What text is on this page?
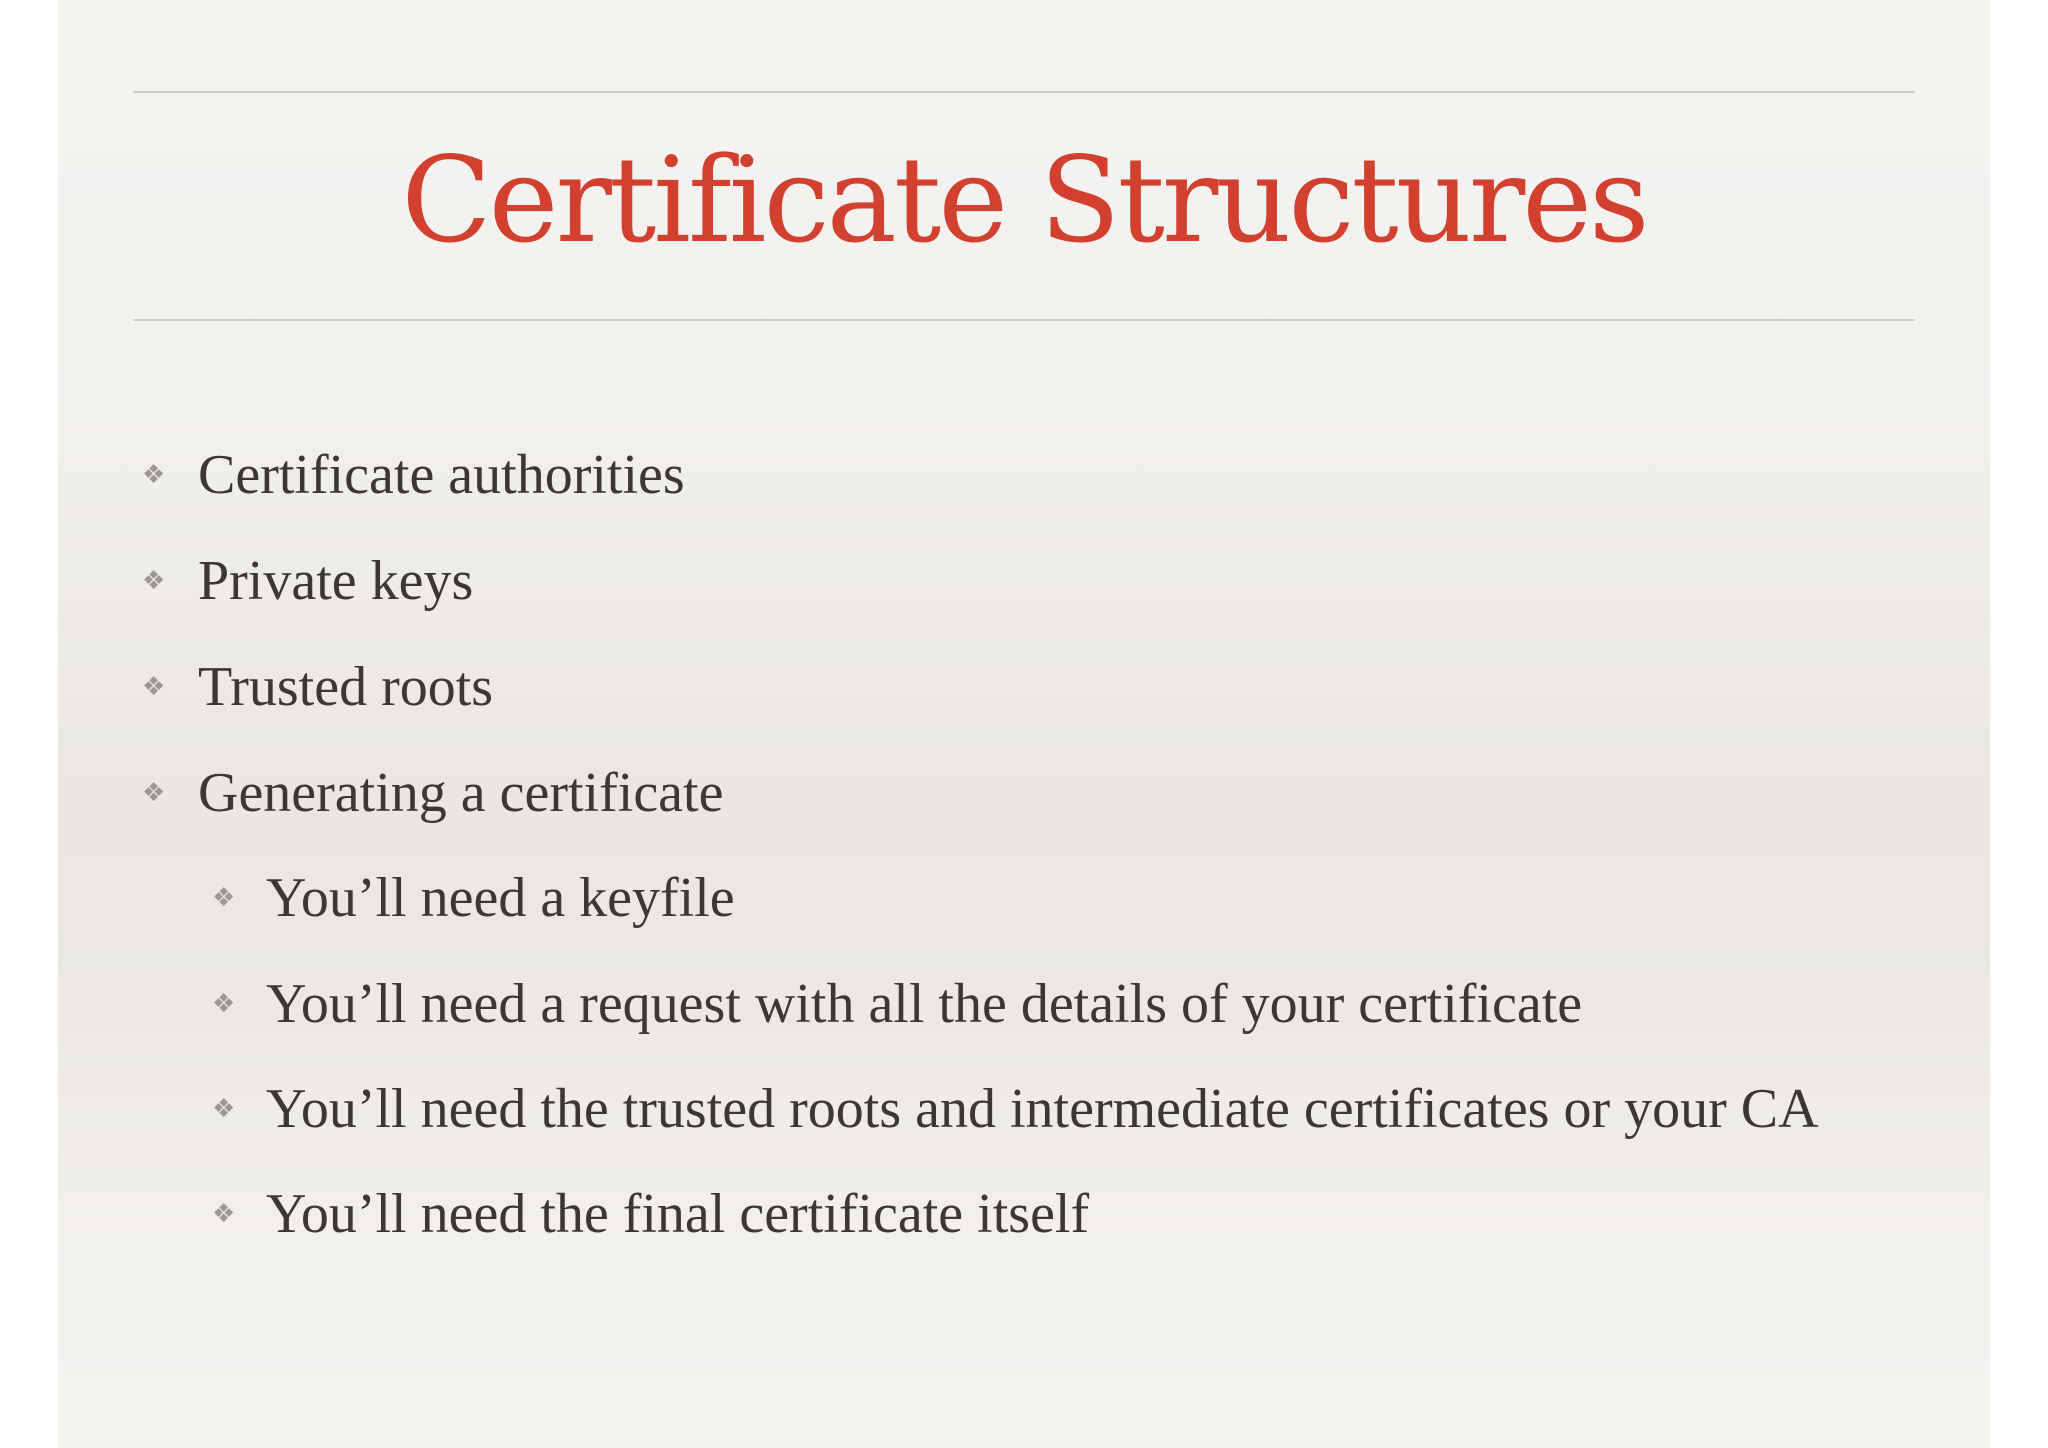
Certificate Structures
❖ Certificate authorities
❖ Private keys
❖ Trusted roots
❖ Generating a certificate
❖ You’ll need a keyfile
❖ You’ll need a request with all the details of your certificate
❖ You’ll need the trusted roots and intermediate certificates or your CA
❖ You’ll need the final certificate itself
